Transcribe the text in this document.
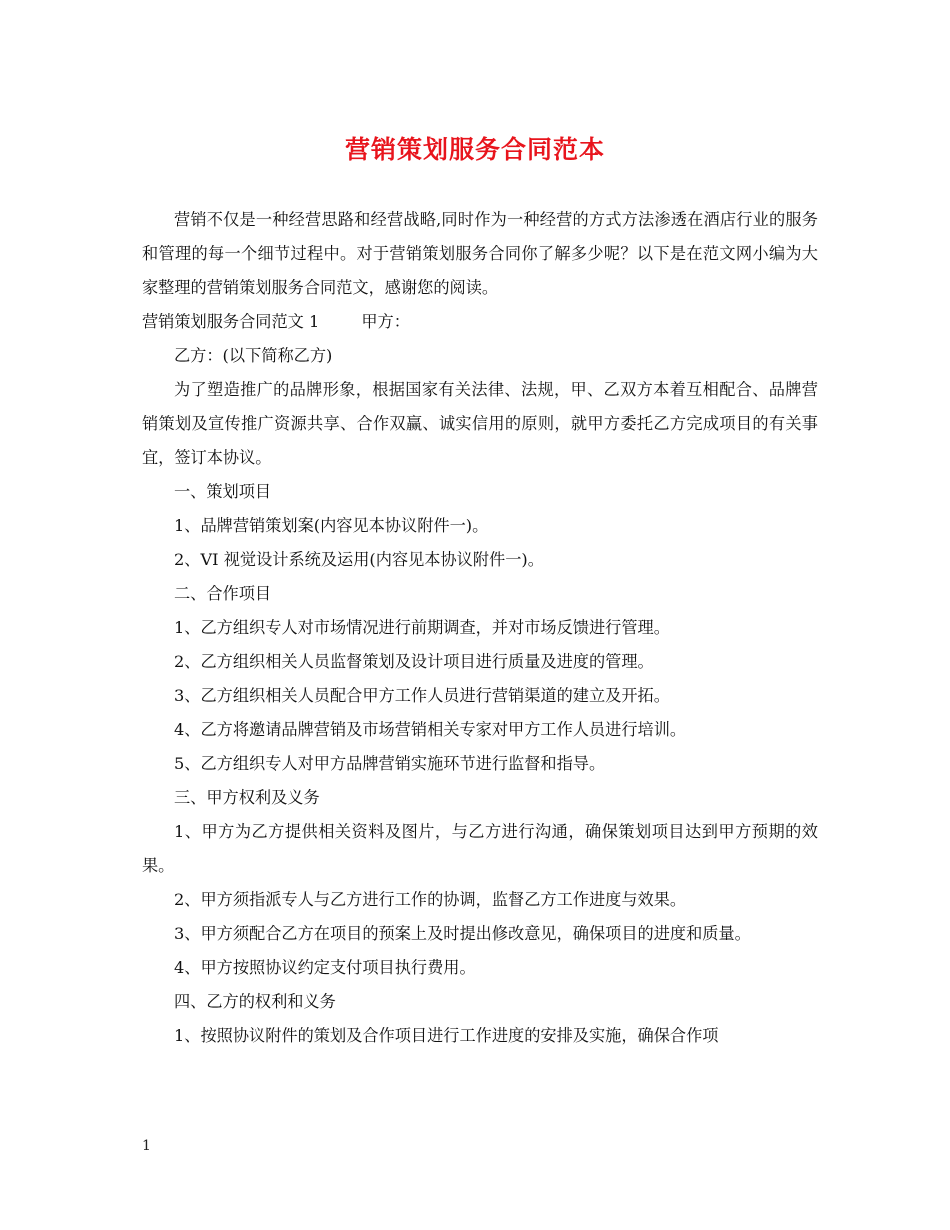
营销策划服务合同范本

营销不仅是一种经营思路和经营战略,同时作为一种经营的方式方法渗透在酒店行业的服务和管理的每一个细节过程中。对于营销策划服务合同你了解多少呢？以下是在范文网小编为大家整理的营销策划服务合同范文，感谢您的阅读。

营销策划服务合同范文 1	甲方：

乙方：(以下简称乙方)

为了塑造推广的品牌形象，根据国家有关法律、法规，甲、乙双方本着互相配合、品牌营销策划及宣传推广资源共享、合作双赢、诚实信用的原则，就甲方委托乙方完成项目的有关事宜，签订本协议。

一、策划项目

1、品牌营销策划案(内容见本协议附件一)。

2、VI 视觉设计系统及运用(内容见本协议附件一)。

二、合作项目

1、乙方组织专人对市场情况进行前期调查，并对市场反馈进行管理。

2、乙方组织相关人员监督策划及设计项目进行质量及进度的管理。

3、乙方组织相关人员配合甲方工作人员进行营销渠道的建立及开拓。

4、乙方将邀请品牌营销及市场营销相关专家对甲方工作人员进行培训。

5、乙方组织专人对甲方品牌营销实施环节进行监督和指导。

三、甲方权利及义务

1、甲方为乙方提供相关资料及图片，与乙方进行沟通，确保策划项目达到甲方预期的效果。

2、甲方须指派专人与乙方进行工作的协调，监督乙方工作进度与效果。

3、甲方须配合乙方在项目的预案上及时提出修改意见，确保项目的进度和质量。

4、甲方按照协议约定支付项目执行费用。

四、乙方的权利和义务

1、按照协议附件的策划及合作项目进行工作进度的安排及实施，确保合作项

1
